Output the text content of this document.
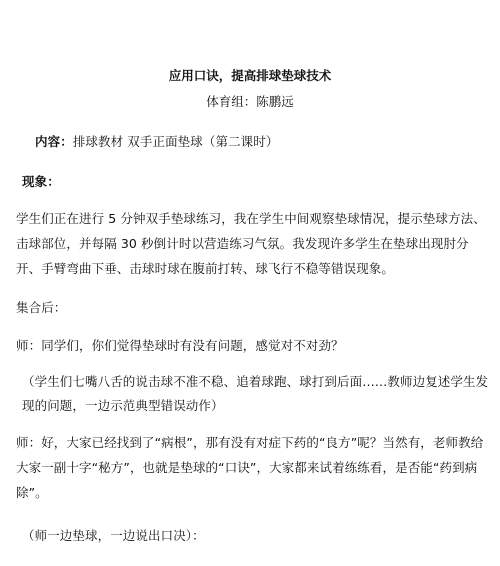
应用口诀，提高排球垫球技术
体育组：陈鹏远
内容：排球教材 双手正面垫球（第二课时）
现象：
学生们正在进行 5 分钟双手垫球练习，我在学生中间观察垫球情况，提示垫球方法、击球部位，并每隔 30 秒倒计时以营造练习气氛。我发现许多学生在垫球出现肘分开、手臂弯曲下垂、击球时球在腹前打转、球飞行不稳等错误现象。
集合后：
师：同学们，你们觉得垫球时有没有问题，感觉对不对劲？
（学生们七嘴八舌的说击球不准不稳、追着球跑、球打到后面……教师边复述学生发现的问题，一边示范典型错误动作）
师：好，大家已经找到了“病根”，那有没有对症下药的“良方”呢？当然有，老师教给大家一副十字“秘方”，也就是垫球的“口诀”，大家都来试着练练看，是否能“药到病除”。
（师一边垫球，一边说出口决）：
